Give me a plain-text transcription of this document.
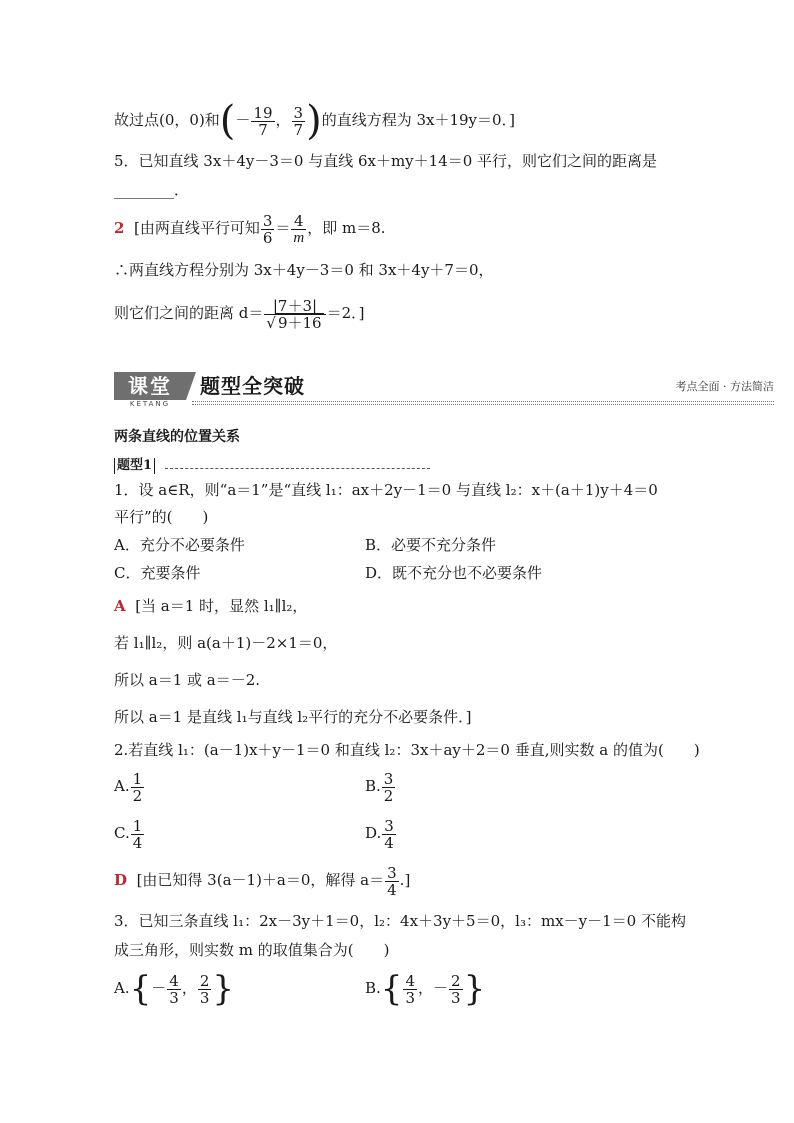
故过点(0，0)和(－ $\frac{19}{7}$ ， $\frac{3}{7}$ )的直线方程为 3x＋19y＝0．]
5．已知直线 3x＋4y－3＝0 与直线 6x＋my＋14＝0 平行，则它们之间的距离是
________．
2 [由两直线平行可知 $\frac{3}{6} = \frac{4}{m}$ ，即 m＝8.
∴两直线方程分别为 3x＋4y－3＝0 和 3x＋4y＋7＝0，
则它们之间的距离 $d= \frac{|7+3|}{√ 9+16} =2$．]
课堂
KETANG
题型全突破	考点全面 · 方法简洁
两条直线的位置关系
题型1
1．设 a∈R，则“a＝1”是“直线 l₁：ax＋2y－1＝0 与直线 l₂：x＋(a＋1)y＋4＝0
平行”的(　　)
A．充分不必要条件	B．必要不充分条件
C．充要条件	D．既不充分也不必要条件
A [当 a＝1 时，显然 l₁∥l₂，
若 l₁∥l₂，则 a(a＋1)－2×1＝0，
所以 a＝1 或 a＝－2.
所以 a＝1 是直线 l₁与直线 l₂平行的充分不必要条件．]
2.若直线 l₁：(a－1)x＋y－1＝0 和直线 l₂：3x＋ay＋2＝0 垂直,则实数 a 的值为(　　)
A. $\frac{1}{2}$	B. $\frac{3}{2}$
C. $\frac{1}{4}$	D. $\frac{3}{4}$
D [由已知得 3(a－1)＋a＝0，解得 $a= \frac{3}{4}$ .]
3．已知三条直线 l₁：2x－3y＋1＝0，l₂：4x＋3y＋5＝0，l₃：mx－y－1＝0 不能构
成三角形，则实数 m 的取值集合为(　　)
$A.\{- \frac{4}{3}$ ， $\frac{2}{3}$ }	$B.\{ \frac{4}{3}$ ，－ $\frac{2}{3}$ }
